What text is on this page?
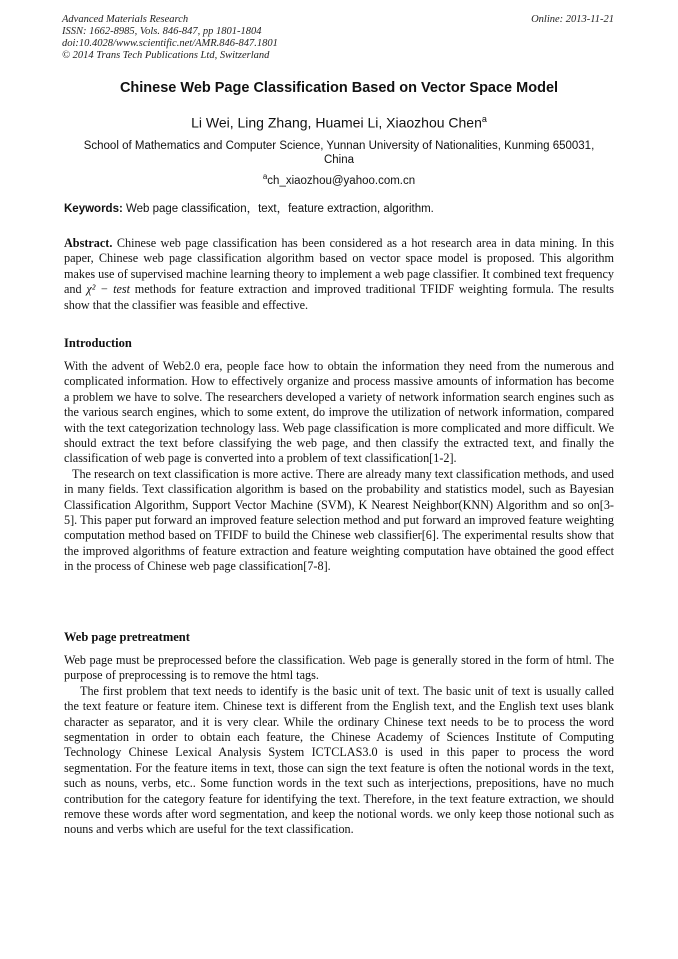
Advanced Materials Research
ISSN: 1662-8985, Vols. 846-847, pp 1801-1804
doi:10.4028/www.scientific.net/AMR.846-847.1801
© 2014 Trans Tech Publications Ltd, Switzerland
Online: 2013-11-21
Chinese Web Page Classification Based on Vector Space Model
Li Wei, Ling Zhang, Huamei Li, Xiaozhou Chen$^a$
School of Mathematics and Computer Science, Yunnan University of Nationalities, Kunming 650031, China
$^a$ch_xiaozhou@yahoo.com.cn
Keywords: Web page classification，text，feature extraction, algorithm.
Abstract. Chinese web page classification has been considered as a hot research area in data mining. In this paper, Chinese web page classification algorithm based on vector space model is proposed. This algorithm makes use of supervised machine learning theory to implement a web page classifier. It combined text frequency and χ² − test methods for feature extraction and improved traditional TFIDF weighting formula. The results show that the classifier was feasible and effective.
Introduction

With the advent of Web2.0 era, people face how to obtain the information they need from the numerous and complicated information. How to effectively organize and process massive amounts of information has become a problem we have to solve. The researchers developed a variety of network information search engines such as the various search engines, which to some extent, do improve the utilization of network information, compared with the text categorization technology lass. Web page classification is more complicated and more difficult. We should extract the text before classifying the web page, and then classify the extracted text, and finally the classification of web page is converted into a problem of text classification[1-2].

The research on text classification is more active. There are already many text classification methods, and used in many fields. Text classification algorithm is based on the probability and statistics model, such as Bayesian Classification Algorithm, Support Vector Machine (SVM), K Nearest Neighbor(KNN) Algorithm and so on[3-5]. This paper put forward an improved feature selection method and put forward an improved feature weighting computation method based on TFIDF to build the Chinese web classifier[6]. The experimental results show that the improved algorithms of feature extraction and feature weighting computation have obtained the good effect in the process of Chinese web page classification[7-8].

Web page pretreatment

Web page must be preprocessed before the classification. Web page is generally stored in the form of html. The purpose of preprocessing is to remove the html tags.

The first problem that text needs to identify is the basic unit of text. The basic unit of text is usually called the text feature or feature item. Chinese text is different from the English text, and the English text uses blank character as separator, and it is very clear. While the ordinary Chinese text needs to be to process the word segmentation in order to obtain each feature, the Chinese Academy of Sciences Institute of Computing Technology Chinese Lexical Analysis System ICTCLAS3.0 is used in this paper to process the word segmentation. For the feature items in text, those can sign the text feature is often the notional words in the text, such as nouns, verbs, etc.. Some function words in the text such as interjections, prepositions, have no much contribution for the category feature for identifying the text. Therefore, in the text feature extraction, we should remove these words after word segmentation, and keep the notional words. we only keep those notional such as nouns and verbs which are useful for the text classification.
